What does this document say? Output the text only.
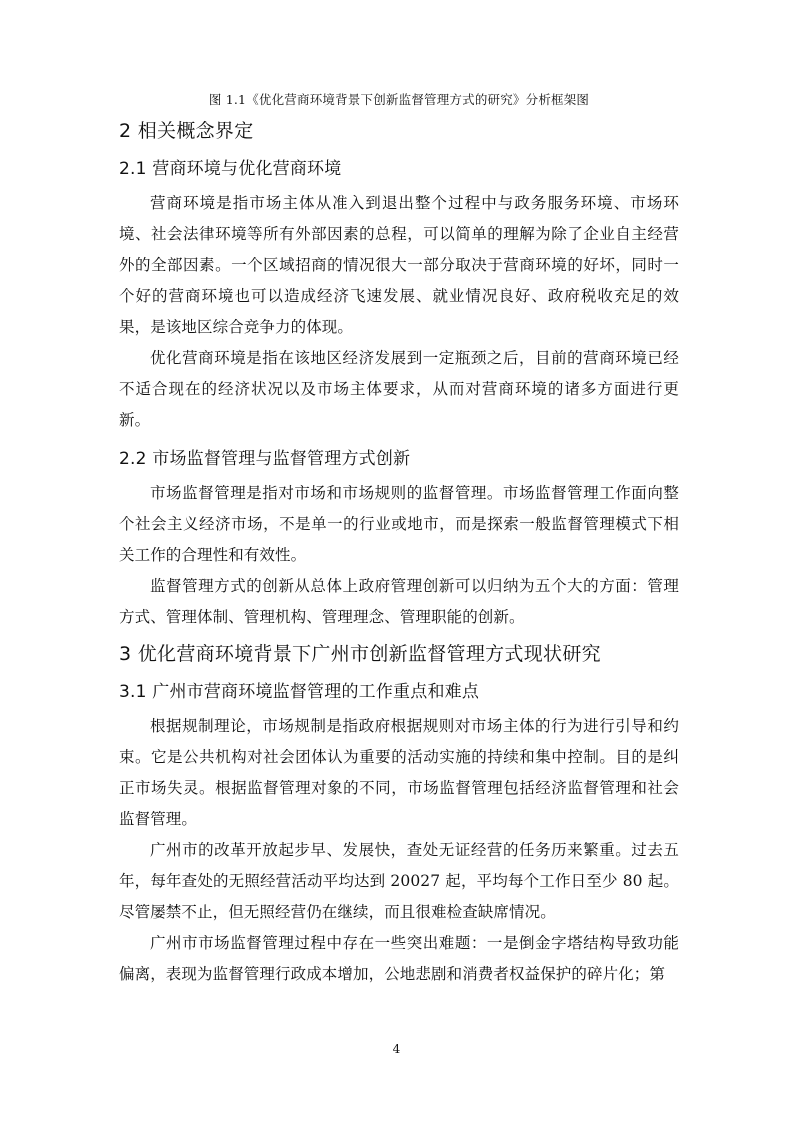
图 1.1《优化营商环境背景下创新监督管理方式的研究》分析框架图
2 相关概念界定
2.1 营商环境与优化营商环境

营商环境是指市场主体从准入到退出整个过程中与政务服务环境、市场环境、社会法律环境等所有外部因素的总程，可以简单的理解为除了企业自主经营外的全部因素。一个区域招商的情况很大一部分取决于营商环境的好坏，同时一个好的营商环境也可以造成经济飞速发展、就业情况良好、政府税收充足的效果，是该地区综合竞争力的体现。

优化营商环境是指在该地区经济发展到一定瓶颈之后，目前的营商环境已经不适合现在的经济状况以及市场主体要求，从而对营商环境的诸多方面进行更新。

2.2 市场监督管理与监督管理方式创新

市场监督管理是指对市场和市场规则的监督管理。市场监督管理工作面向整个社会主义经济市场，不是单一的行业或地市，而是探索一般监督管理模式下相关工作的合理性和有效性。

监督管理方式的创新从总体上政府管理创新可以归纳为五个大的方面：管理方式、管理体制、管理机构、管理理念、管理职能的创新。

3 优化营商环境背景下广州市创新监督管理方式现状研究
3.1 广州市营商环境监督管理的工作重点和难点

根据规制理论，市场规制是指政府根据规则对市场主体的行为进行引导和约束。它是公共机构对社会团体认为重要的活动实施的持续和集中控制。目的是纠正市场失灵。根据监督管理对象的不同，市场监督管理包括经济监督管理和社会监督管理。

广州市的改革开放起步早、发展快，查处无证经营的任务历来繁重。过去五年，每年查处的无照经营活动平均达到 20027 起，平均每个工作日至少 80 起。尽管屡禁不止，但无照经营仍在继续，而且很难检查缺席情况。

广州市市场监督管理过程中存在一些突出难题：一是倒金字塔结构导致功能偏离，表现为监督管理行政成本增加，公地悲剧和消费者权益保护的碎片化；第

4
